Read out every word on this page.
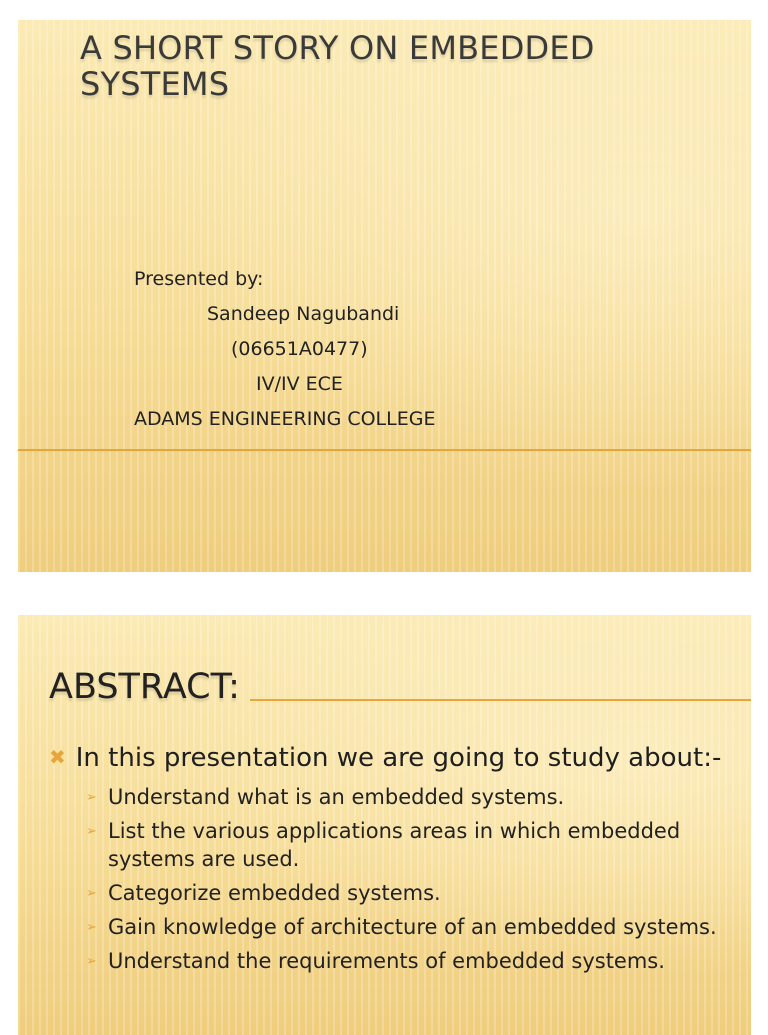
A SHORT STORY ON EMBEDDED SYSTEMS
Presented by:
Sandeep Nagubandi
(06651A0477)
IV/IV ECE
ADAMS ENGINEERING COLLEGE
ABSTRACT:
✖ In this presentation we are going to study about:-
➢ Understand what is an embedded systems.
➢ List the various applications areas in which embedded systems are used.
➢ Categorize embedded systems.
➢ Gain knowledge of architecture of an embedded systems.
➢ Understand the requirements of embedded systems.
